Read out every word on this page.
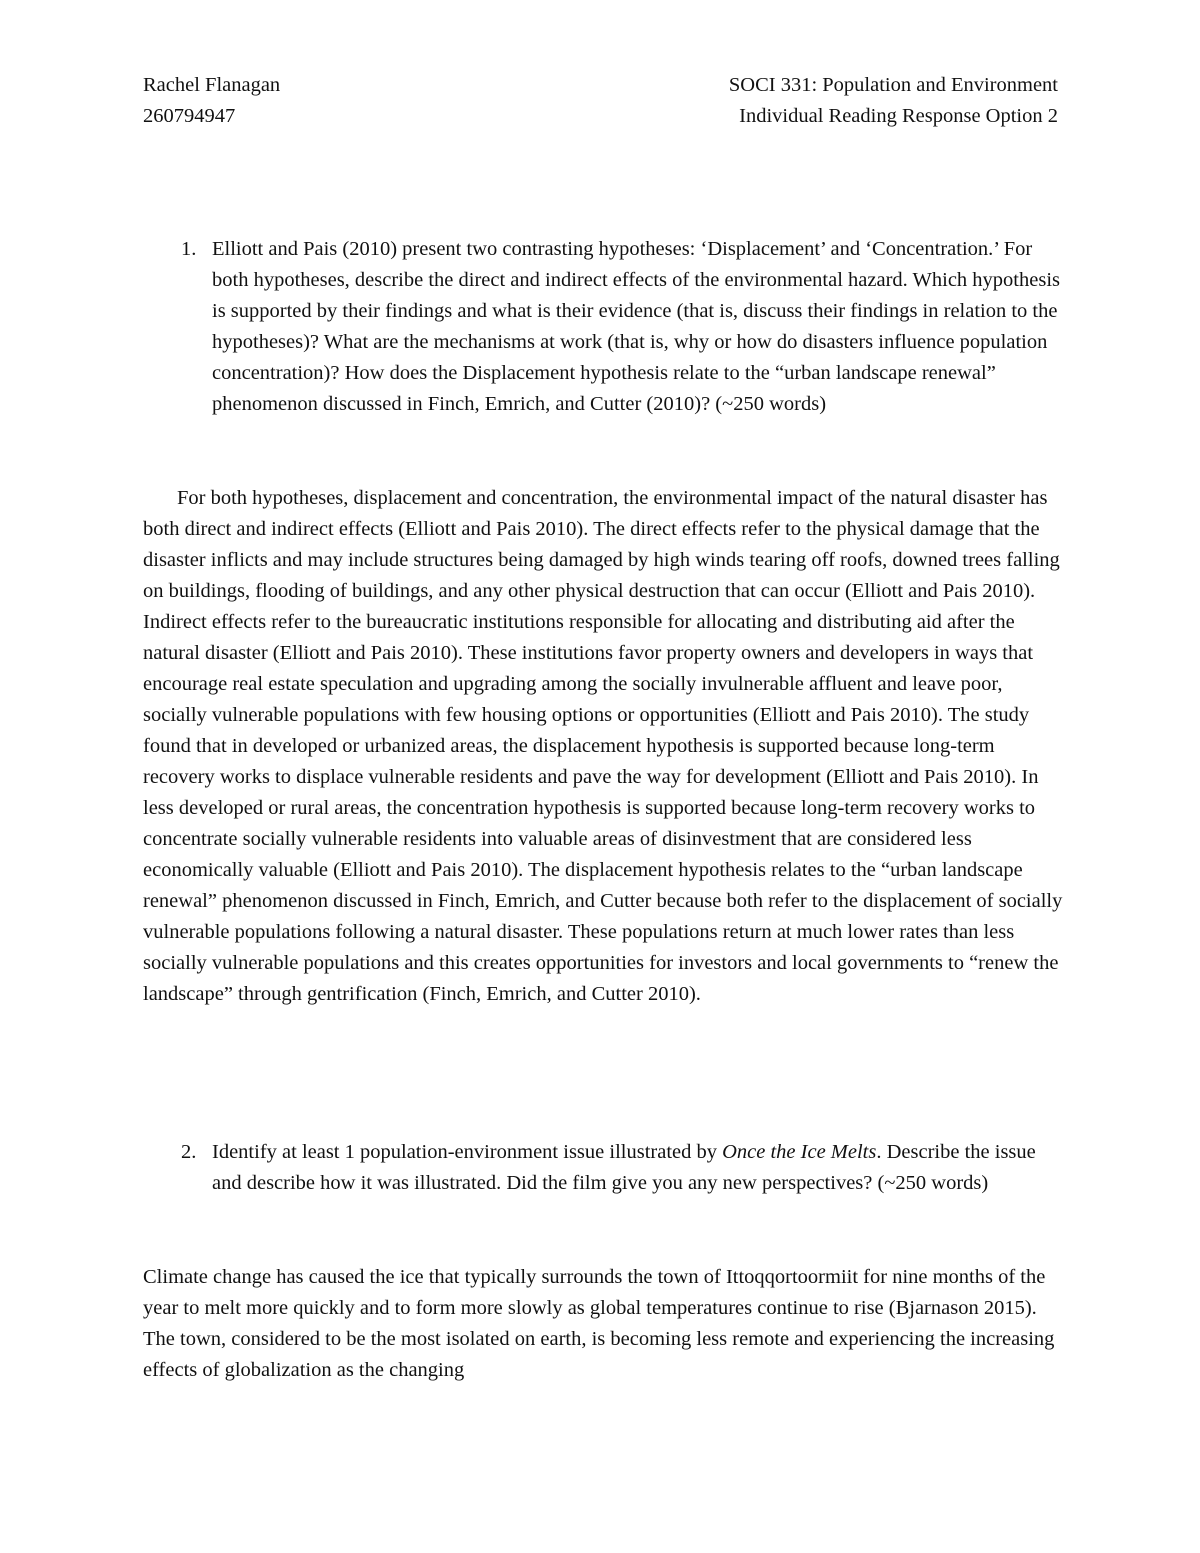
Rachel Flanagan
260794947
SOCI 331: Population and Environment
Individual Reading Response Option 2
1. Elliott and Pais (2010) present two contrasting hypotheses: ‘Displacement’ and ‘Concentration.’ For both hypotheses, describe the direct and indirect effects of the environmental hazard. Which hypothesis is supported by their findings and what is their evidence (that is, discuss their findings in relation to the hypotheses)? What are the mechanisms at work (that is, why or how do disasters influence population concentration)? How does the Displacement hypothesis relate to the “urban landscape renewal” phenomenon discussed in Finch, Emrich, and Cutter (2010)? (~250 words)

For both hypotheses, displacement and concentration, the environmental impact of the natural disaster has both direct and indirect effects (Elliott and Pais 2010). The direct effects refer to the physical damage that the disaster inflicts and may include structures being damaged by high winds tearing off roofs, downed trees falling on buildings, flooding of buildings, and any other physical destruction that can occur (Elliott and Pais 2010). Indirect effects refer to the bureaucratic institutions responsible for allocating and distributing aid after the natural disaster (Elliott and Pais 2010). These institutions favor property owners and developers in ways that encourage real estate speculation and upgrading among the socially invulnerable affluent and leave poor, socially vulnerable populations with few housing options or opportunities (Elliott and Pais 2010). The study found that in developed or urbanized areas, the displacement hypothesis is supported because long-term recovery works to displace vulnerable residents and pave the way for development (Elliott and Pais 2010). In less developed or rural areas, the concentration hypothesis is supported because long-term recovery works to concentrate socially vulnerable residents into valuable areas of disinvestment that are considered less economically valuable (Elliott and Pais 2010). The displacement hypothesis relates to the “urban landscape renewal” phenomenon discussed in Finch, Emrich, and Cutter because both refer to the displacement of socially vulnerable populations following a natural disaster. These populations return at much lower rates than less socially vulnerable populations and this creates opportunities for investors and local governments to “renew the landscape” through gentrification (Finch, Emrich, and Cutter 2010).

2. Identify at least 1 population-environment issue illustrated by Once the Ice Melts. Describe the issue and describe how it was illustrated. Did the film give you any new perspectives? (~250 words)

Climate change has caused the ice that typically surrounds the town of Ittoqqortoormiit for nine months of the year to melt more quickly and to form more slowly as global temperatures continue to rise (Bjarnason 2015). The town, considered to be the most isolated on earth, is becoming less remote and experiencing the increasing effects of globalization as the changing
